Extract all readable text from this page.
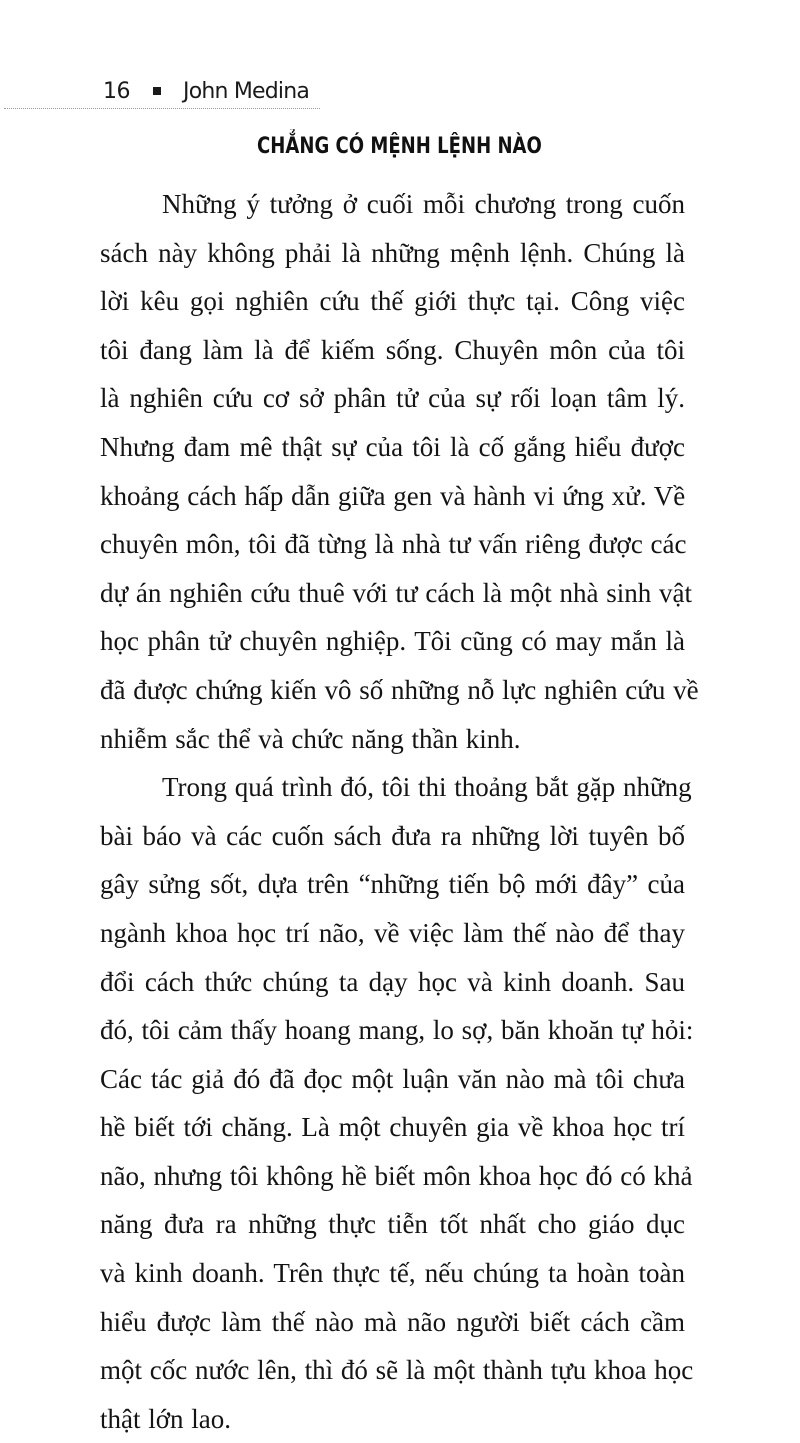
16	John Medina
CHẲNG CÓ MỆNH LỆNH NÀO
Những ý tưởng ở cuối mỗi chương trong cuốn
sách này không phải là những mệnh lệnh. Chúng là
lời kêu gọi nghiên cứu thế giới thực tại. Công việc
tôi đang làm là để kiếm sống. Chuyên môn của tôi
là nghiên cứu cơ sở phân tử của sự rối loạn tâm lý.
Nhưng đam mê thật sự của tôi là cố gắng hiểu được
khoảng cách hấp dẫn giữa gen và hành vi ứng xử. Về
chuyên môn, tôi đã từng là nhà tư vấn riêng được các
dự án nghiên cứu thuê với tư cách là một nhà sinh vật
học phân tử chuyên nghiệp. Tôi cũng có may mắn là
đã được chứng kiến vô số những nỗ lực nghiên cứu về
nhiễm sắc thể và chức năng thần kinh.
Trong quá trình đó, tôi thi thoảng bắt gặp những
bài báo và các cuốn sách đưa ra những lời tuyên bố
gây sửng sốt, dựa trên “những tiến bộ mới đây” của
ngành khoa học trí não, về việc làm thế nào để thay
đổi cách thức chúng ta dạy học và kinh doanh. Sau
đó, tôi cảm thấy hoang mang, lo sợ, băn khoăn tự hỏi:
Các tác giả đó đã đọc một luận văn nào mà tôi chưa
hề biết tới chăng. Là một chuyên gia về khoa học trí
não, nhưng tôi không hề biết môn khoa học đó có khả
năng đưa ra những thực tiễn tốt nhất cho giáo dục
và kinh doanh. Trên thực tế, nếu chúng ta hoàn toàn
hiểu được làm thế nào mà não người biết cách cầm
một cốc nước lên, thì đó sẽ là một thành tựu khoa học
thật lớn lao.
